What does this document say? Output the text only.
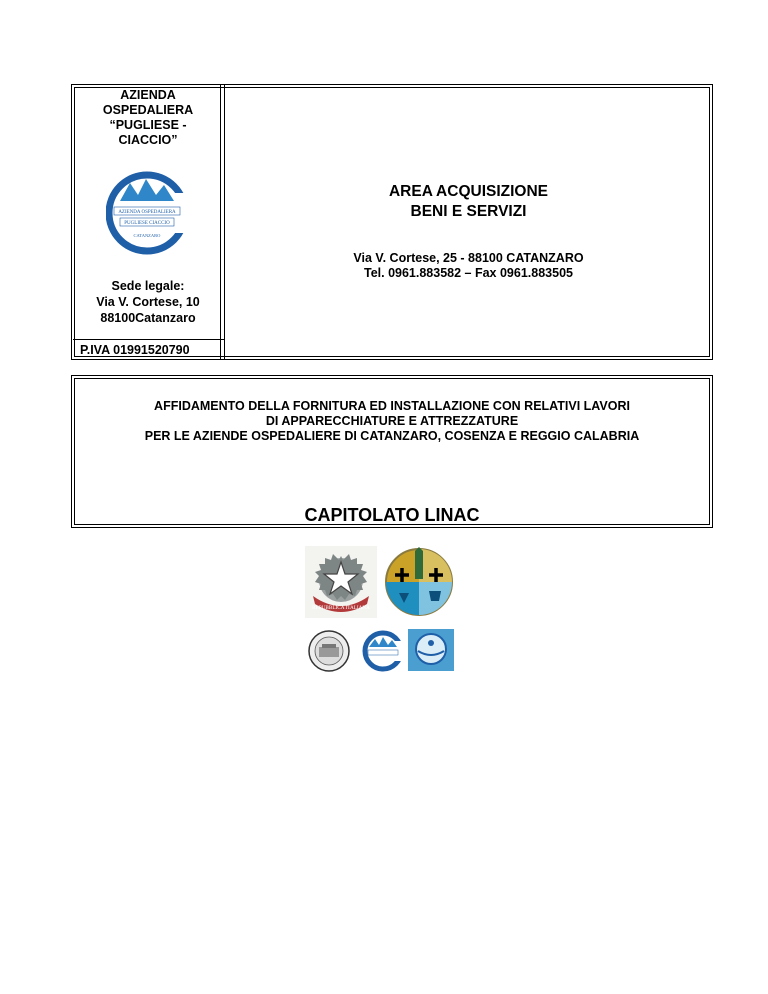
AZIENDA
OSPEDALIERA
“PUGLIESE -
CIACCIO”
AZIENDA OSPEDALIERA
PUGLIESE CIACCIO
CATANZARO
Sede legale:
Via V. Cortese, 10
88100Catanzaro
P.IVA 01991520790
AREA ACQUISIZIONE
BENI E SERVIZI
Via V. Cortese, 25 - 88100 CATANZARO
Tel. 0961.883582 – Fax 0961.883505
AFFIDAMENTO DELLA FORNITURA ED INSTALLAZIONE CON RELATIVI LAVORI
DI APPARECCHIATURE E ATTREZZATURE
PER LE AZIENDE OSPEDALIERE DI CATANZARO, COSENZA E REGGIO CALABRIA
CAPITOLATO LINAC
REPUBBLICA ITALIANA
